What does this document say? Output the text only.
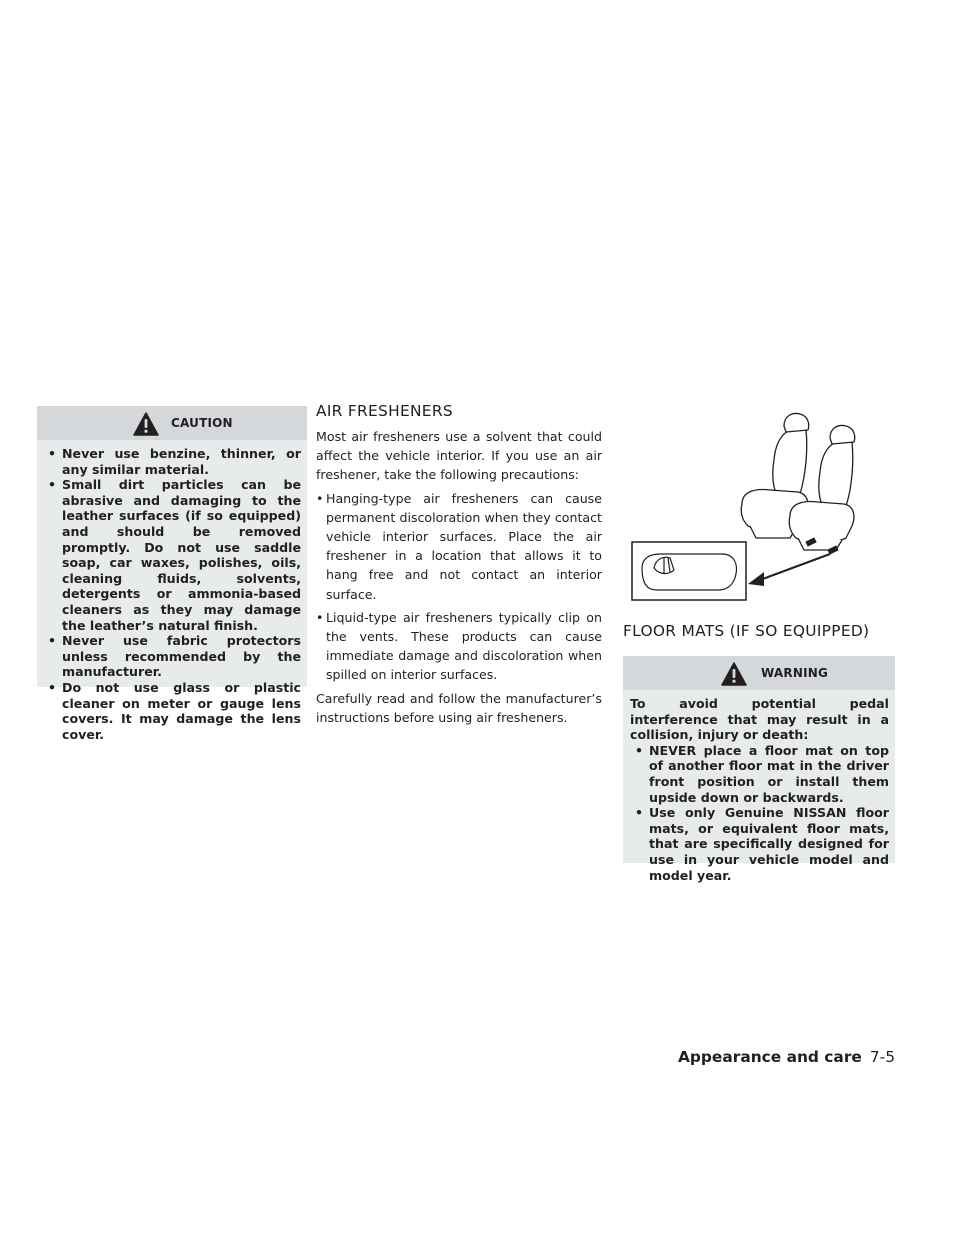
CAUTION
• Never use benzine, thinner, or any similar material.
• Small dirt particles can be abrasive and damaging to the leather surfaces (if so equipped) and should be removed promptly. Do not use saddle soap, car waxes, polishes, oils, cleaning fluids, solvents, detergents or ammonia-based cleaners as they may damage the leather’s natural finish.
• Never use fabric protectors unless recommended by the manufacturer.
• Do not use glass or plastic cleaner on meter or gauge lens covers. It may damage the lens cover.
AIR FRESHENERS

Most air fresheners use a solvent that could affect the vehicle interior. If you use an air freshener, take the following precautions:

• Hanging-type air fresheners can cause permanent discoloration when they contact vehicle interior surfaces. Place the air freshener in a location that allows it to hang free and not contact an interior surface.
• Liquid-type air fresheners typically clip on the vents. These products can cause immediate damage and discoloration when spilled on interior surfaces.

Carefully read and follow the manufacturer’s instructions before using air fresheners.

FLOOR MATS (IF SO EQUIPPED)
WARNING

To avoid potential pedal interference that may result in a collision, injury or death:

• NEVER place a floor mat on top of another floor mat in the driver front position or install them upside down or backwards.
• Use only Genuine NISSAN floor mats, or equivalent floor mats, that are specifically designed for use in your vehicle model and model year.
Appearance and care 7-5
